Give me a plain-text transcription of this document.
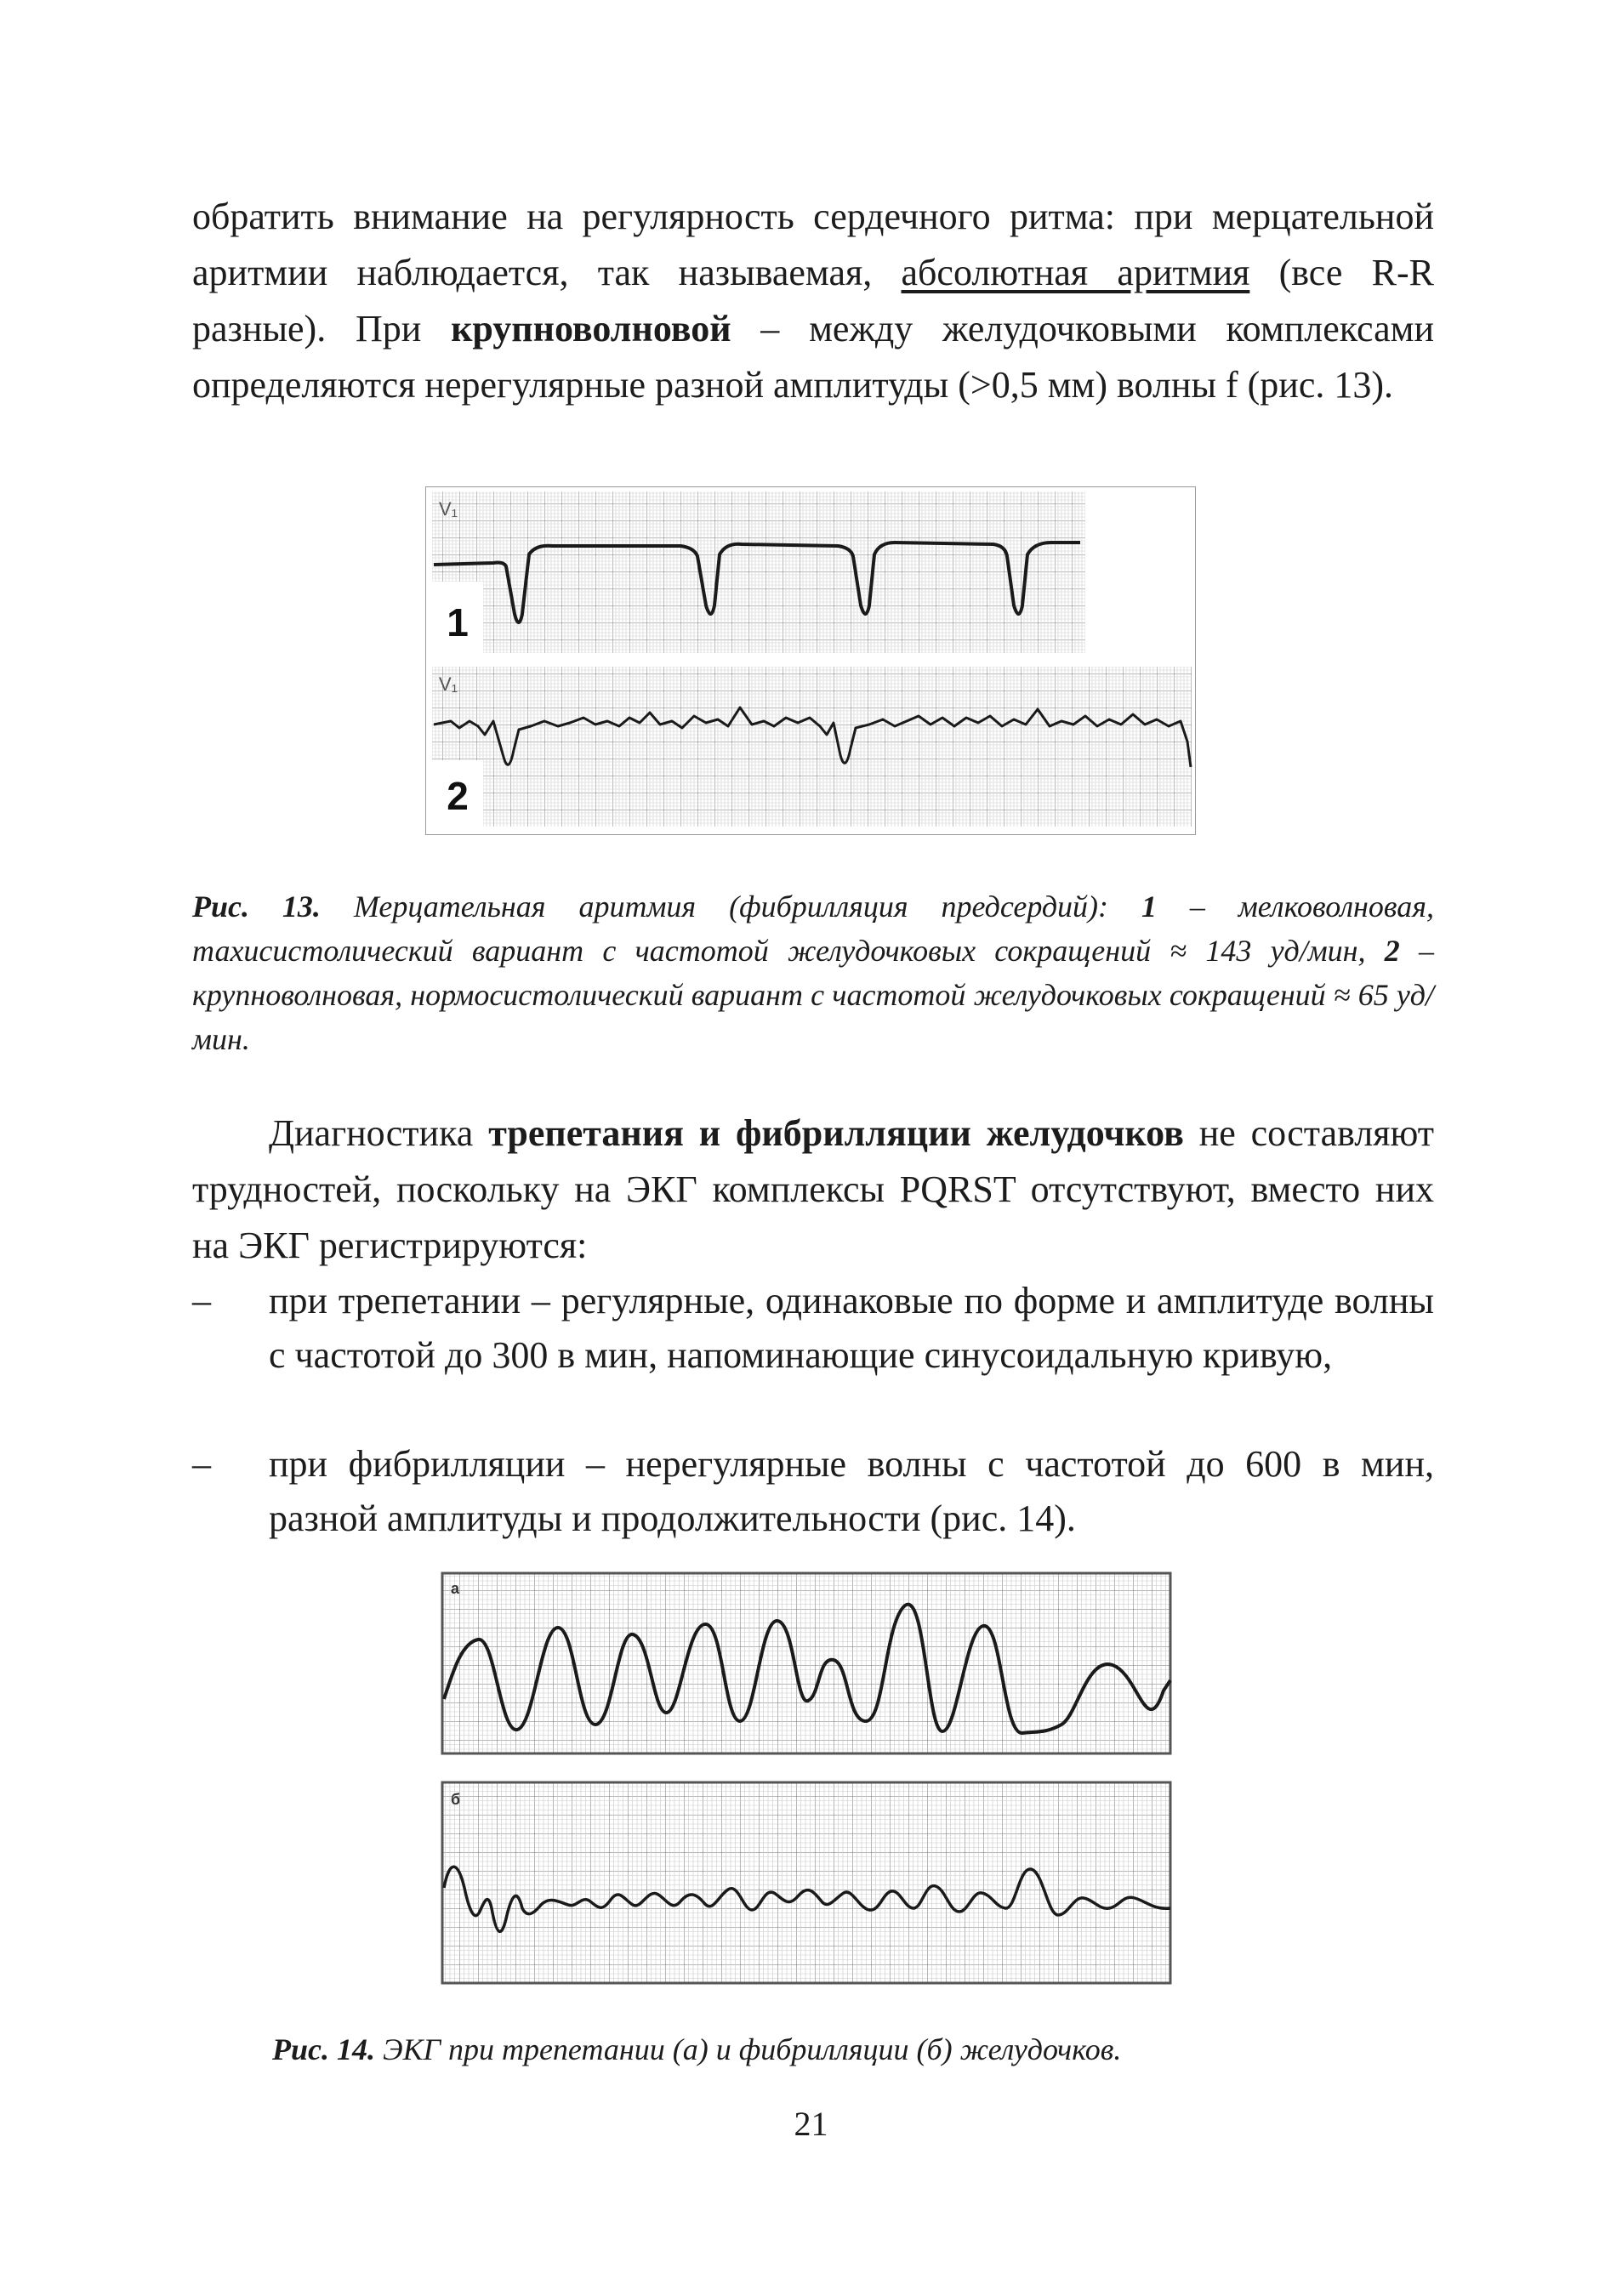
обратить внимание на регулярность сердечного ритма: при мерцательной аритмии наблюдается, так называемая, абсолютная аритмия (все R-R разные). При крупноволновой – между желудочковыми комплексами определяются нерегулярные разной амплитуды (>0,5 мм) волны f (рис. 13).
V₁
V₁
1
2
Рис. 13. Мерцательная аритмия (фибрилляция предсердий): 1 – мелковолновая, тахисистолический вариант с частотой желудочковых сокращений ≈ 143 уд/мин, 2 – крупноволновая, нормосистолический вариант с частотой желудочковых сокращений ≈ 65 уд/мин.
Диагностика трепетания и фибрилляции желудочков не составляют трудностей, поскольку на ЭКГ комплексы PQRST отсутствуют, вместо них на ЭКГ регистрируются:
– при трепетании – регулярные, одинаковые по форме и амплитуде волны с частотой до 300 в мин, напоминающие синусоидальную кривую,
– при фибрилляции – нерегулярные волны с частотой до 600 в мин, разной амплитуды и продолжительности (рис. 14).
а
б
Рис. 14. ЭКГ при трепетании (а) и фибрилляции (б) желудочков.
21
